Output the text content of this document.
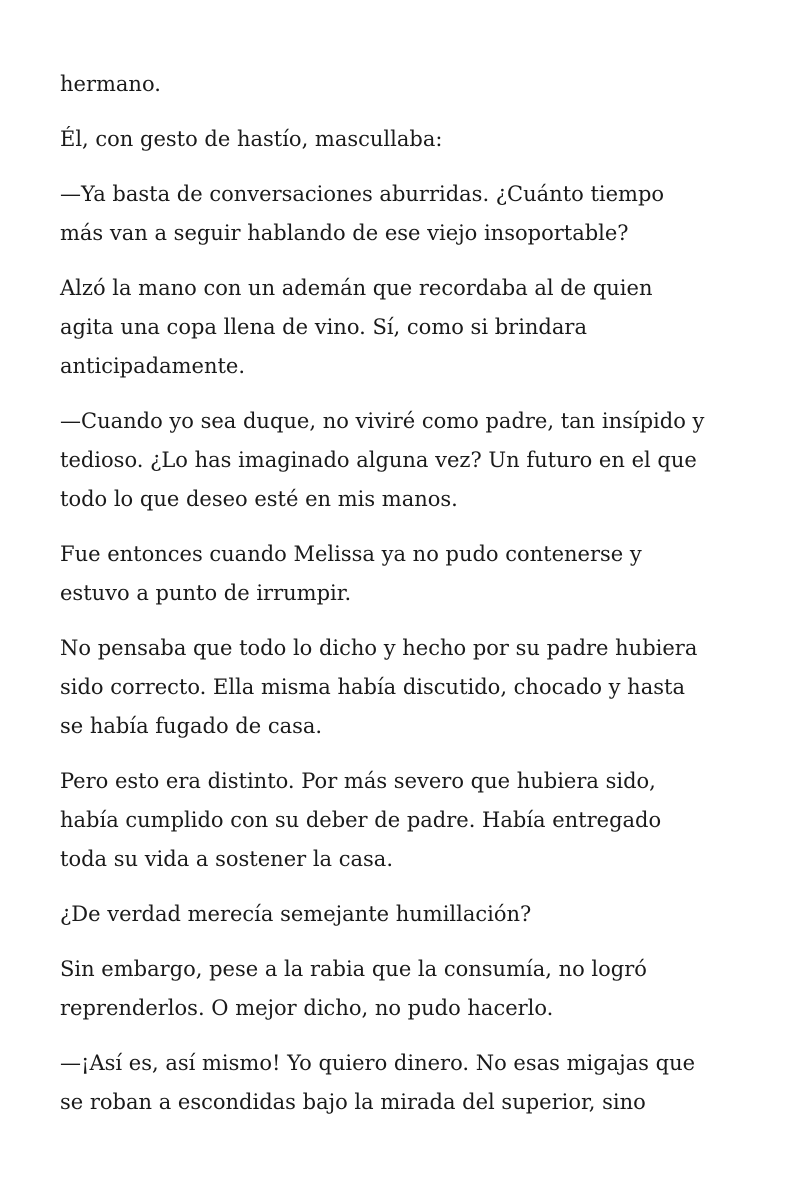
hermano.

Él, con gesto de hastío, mascullaba:

—Ya basta de conversaciones aburridas. ¿Cuánto tiempo
más van a seguir hablando de ese viejo insoportable?

Alzó la mano con un ademán que recordaba al de quien
agita una copa llena de vino. Sí, como si brindara
anticipadamente.

—Cuando yo sea duque, no viviré como padre, tan insípido y
tedioso. ¿Lo has imaginado alguna vez? Un futuro en el que
todo lo que deseo esté en mis manos.

Fue entonces cuando Melissa ya no pudo contenerse y
estuvo a punto de irrumpir.

No pensaba que todo lo dicho y hecho por su padre hubiera
sido correcto. Ella misma había discutido, chocado y hasta
se había fugado de casa.

Pero esto era distinto. Por más severo que hubiera sido,
había cumplido con su deber de padre. Había entregado
toda su vida a sostener la casa.

¿De verdad merecía semejante humillación?

Sin embargo, pese a la rabia que la consumía, no logró
reprenderlos. O mejor dicho, no pudo hacerlo.

—¡Así es, así mismo! Yo quiero dinero. No esas migajas que
se roban a escondidas bajo la mirada del superior, sino
